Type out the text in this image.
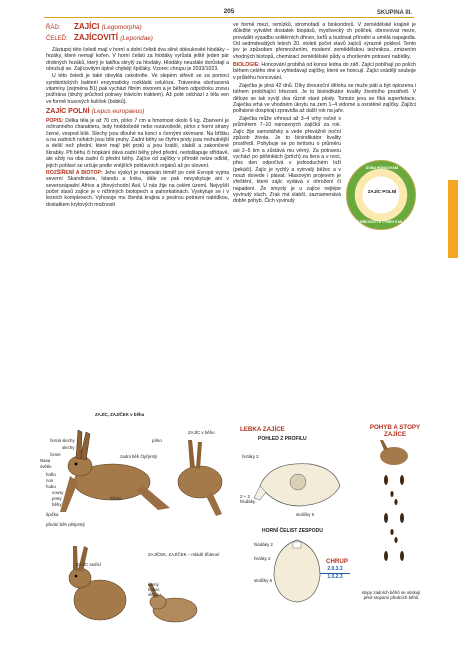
205	SKUPINA III.
ŘÁD:	ZAJÍCI (Legomorpha)
ČELEĎ: ZAJÍCOVITÍ (Leporidae)

Zástupci této čeledi mají v horní a dolní čelisti dva silné obloukovité hlodáky – řezáky, které nemají kořen. V horní čelisti za hlodáky vyrůstá ještě jeden pár drobných řezáků, který je takřka skrytý za hlodáky. Hlodáky neustále dorůstají a obrušují se. Zajícovitým úplně chybějí špičáky. Vzorec chrupu je 2033/1023.

U této čeledi je také obvyklá cekotrofie. Ve slepém střevě se za pomoci symbiotických bakterií enzymaticky rozkládá celulóza. Trávenina obohacená vitamíny (zejména B1) pak vychází řitním otvorem a je během odpočinku znovu požírána (druhý průchod potravy trávicím traktem). Až poté odchází z těla ven ve formě trusových kuliček (bobků).

ZAJÍC POLNÍ (Lepus europaeus)

POPIS: Délka těla je až 70 cm, pírko 7 cm a hmotnost okolo 6 kg. Zbarvení je ochranného charakteru, tedy hnědošedé nebo rezavošedé, pírko z horní strany černé, vespod bílé. Slechy jsou dlouhé na konci s černými skvrnami. Na bříšku a na zadních nohách jsou bílé pruhy. Zadní běhy se čtyřmi prsty jsou mohutnější a delší než přední, které mají pět prstů a jsou kratší, slabší a zakončené škrabky. Při běhu či hopkání dává zadní běhy před přední, nedošlapuje střídavě, ale vždy na oba zadní či přední běhy. Zajíce od zajíčky v přírodě nelze odlišit, jejich pohlaví se určuje podle vnějších pohlavních orgánů až po ulovení.

ROZŠÍŘENÍ A BIOTOP: Jeho výskyt je mapován téměř po celé Evropě vyjma severní Skandinávie, Islandu a Irska, dále se pak nevyskytuje ani v severozápadní Africe a jihovýchodní Asii. U nás žije na celém území. Nejvyšší počet stavů zajíce je v nížinných biotopech a pahorkatinách. Vyskytuje se i v lesních komplexech. Vyhovuje mu členitá krajina s pestrou potravní nabídkou, dostatkem krytových možností

ve formě mezí, remízků, stromořadí a biokoridorů. V zemědělské krajině je důležité vytvářet dostatek biopásů, myslivecký ch políček, obnovovat meze, provádět výsadbu solitérních dřevin, keřů a budovat přírodní a umělá napajedla. Od sedmdesátých letech 20. století počet stavů zajíců výrazně poklesl. Tento jev je způsoben přemnožením, moderní zemědělskou technikou, zmizením vhodných biotopů, chemizací zemědělské půdy a zhoršením potravní nabídky.

BIOLOGIE: Honcování probíhá od konce ledna do září. Zajíci pobíhají po polích během celého dne a vyhledávají zajíčky, které se honcují. Zajíci svádějí souboje v průběhu honcování.

Zaječka je plná 42 dnů. Díky dvouroční dělohu se muže páti a být oplozena i během probíhající březosti. Je to bioindikátor kvality životního prostředí. V děloze se tak vyvíjí dva různě staré plody. Tomuto jevu se říká superfetace. Zaječka vrhá ve vhodném úkrytu na zem 1–4 vidomé a osrstěné zajíčky. Zajíčci polhávné dospívají zpravidla až další rok na jaře.

Zaječka může vrhnout až 3–4 vrhy ročně s průměrem 7–10 narozených zajíčků za rok. Zajíc žije samotářsky a vede převážně noční způsob života. Je to bioindikátor kvality prostředí. Pohybuje se po teritoriu o průměru asi 2–5 km a zůstává mu věrný. Za potravou vychází po pěšinkách (prtích) za šera a v noci, přes den odpočívá v jednoduchém loži (pekáči). Zajíc je rychlý a vytrvalý běžec a v nouzi dovede i plavat. Hlasovým projevem je vřeštění, které zajíc vydává v ohrožení či napadení. Že smysly je u zajíce nejlépe vyvinutý sluch. Zrak má slabší, zaznamenává dobře pohyb. Čich vyvinutý

DOBA HONCOVÁNÍ
ZAJÍC POLNÍ
DOBA BŘEZOSTI A TÝDEN S MLÁĎATY
ZAJÍC, ZAJÍČEK v běhu
černá slechy
slechy
čemé
Nava
světlo
pírko
hrdlo
nos
hubu
vousy
prsty
běhy
zadní běh čtyřprstý
břicho
špička
přední běh pětiprstý
ZAJÍC v běhu
ZAJÍC sedící
ZAJÍČEK, ZAJÍČEK – mládě třídenní
černý
konec
slechu
LEBKA ZAJÍCE
POHLED Z PROFILU
řezáky 2
2 + 2 hlodáky
stoličky 5
HORNÍ ČELIST ZESPODU
hlodáky 2
řezáky 2
stoličky 6
CHRUP
2.0.3.3
1.0.2.3
POHYB A STOPY ZAJÍCE
stopy zadních běhů se otiskují před stopami předních běhů
